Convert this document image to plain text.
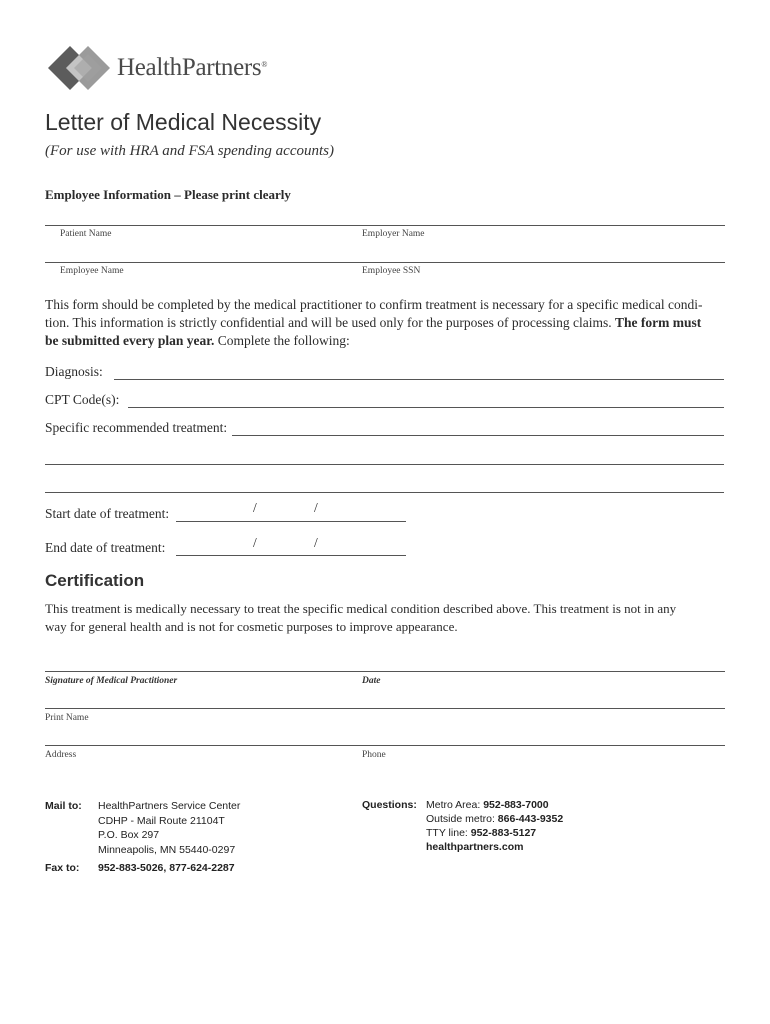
HealthPartners®
Letter of Medical Necessity
(For use with HRA and FSA spending accounts)
Employee Information – Please print clearly
Patient Name	Employer Name
Employee Name	Employee SSN
This form should be completed by the medical practitioner to confirm treatment is necessary for a specific medical condi-
tion. This information is strictly confidential and will be used only for the purposes of processing claims. The form must
be submitted every plan year. Complete the following:
Diagnosis:
CPT Code(s):
Specific recommended treatment:
Start date of treatment:	/	/
End date of treatment:	/	/
Certification
This treatment is medically necessary to treat the specific medical condition described above. This treatment is not in any
way for general health and is not for cosmetic purposes to improve appearance.
Signature of Medical Practitioner	Date
Print Name
Address	Phone
Mail to: HealthPartners Service Center
CDHP - Mail Route 21104T
P.O. Box 297
Minneapolis, MN 55440-0297
Fax to: 952-883-5026, 877-624-2287
Questions: Metro Area: 952-883-7000
Outside metro: 866-443-9352
TTY line: 952-883-5127
healthpartners.com
